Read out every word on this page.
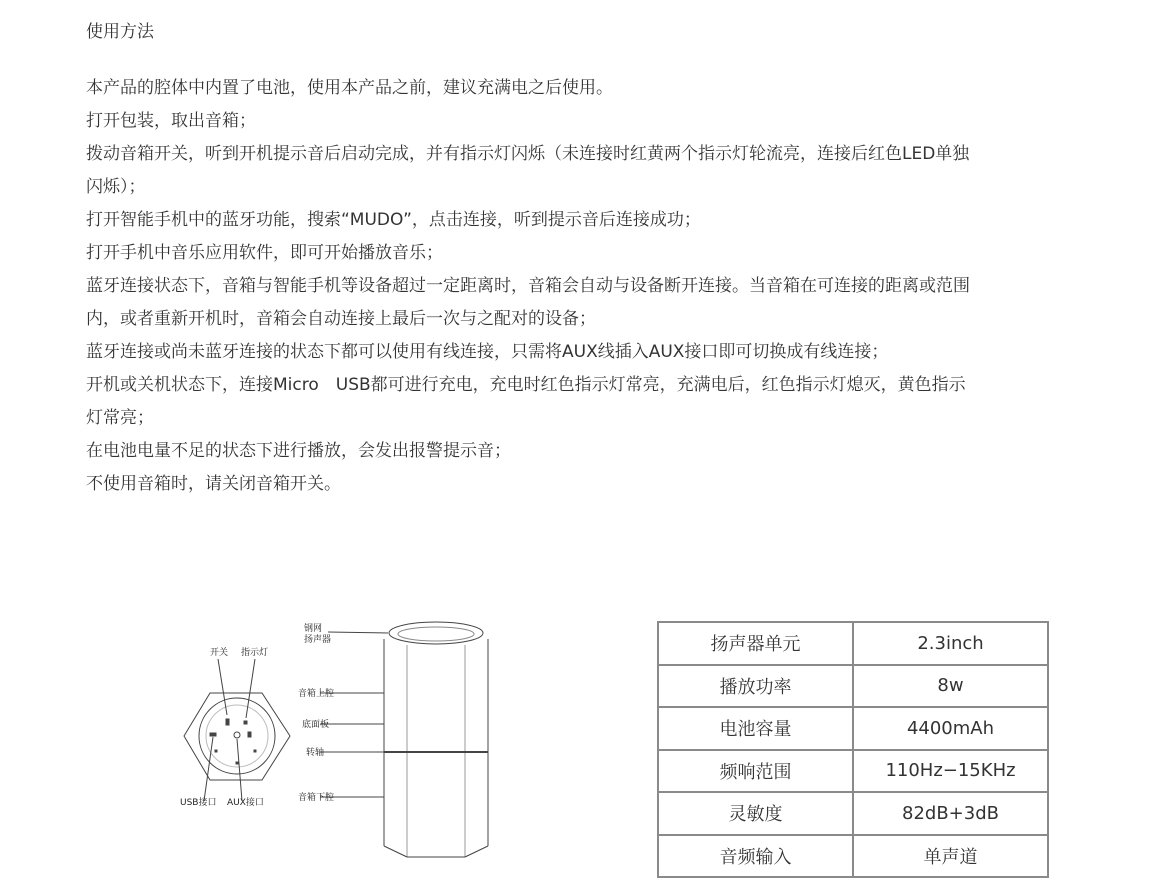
使用方法
本产品的腔体中内置了电池，使用本产品之前，建议充满电之后使用。
打开包装，取出音箱；
拨动音箱开关，听到开机提示音后启动完成，并有指示灯闪烁（未连接时红黄两个指示灯轮流亮，连接后红色LED单独闪烁）；
打开智能手机中的蓝牙功能，搜索“MUDO”，点击连接，听到提示音后连接成功；
打开手机中音乐应用软件，即可开始播放音乐；
蓝牙连接状态下，音箱与智能手机等设备超过一定距离时，音箱会自动与设备断开连接。当音箱在可连接的距离或范围内，或者重新开机时，音箱会自动连接上最后一次与之配对的设备；
蓝牙连接或尚未蓝牙连接的状态下都可以使用有线连接，只需将AUX线插入AUX接口即可切换成有线连接；
开机或关机状态下，连接Micro　USB都可进行充电，充电时红色指示灯常亮，充满电后，红色指示灯熄灭，黄色指示灯常亮；
在电池电量不足的状态下进行播放，会发出报警提示音；
不使用音箱时，请关闭音箱开关。
开关 指示灯
USB接口 AUX接口
钢网
扬声器
音箱上腔
底面板
转轴
音箱下腔
扬声器单元	2.3inch
播放功率	8w
电池容量	4400mAh
频响范围	110Hz−15KHz
灵敏度	82dB+3dB
音频输入	单声道
